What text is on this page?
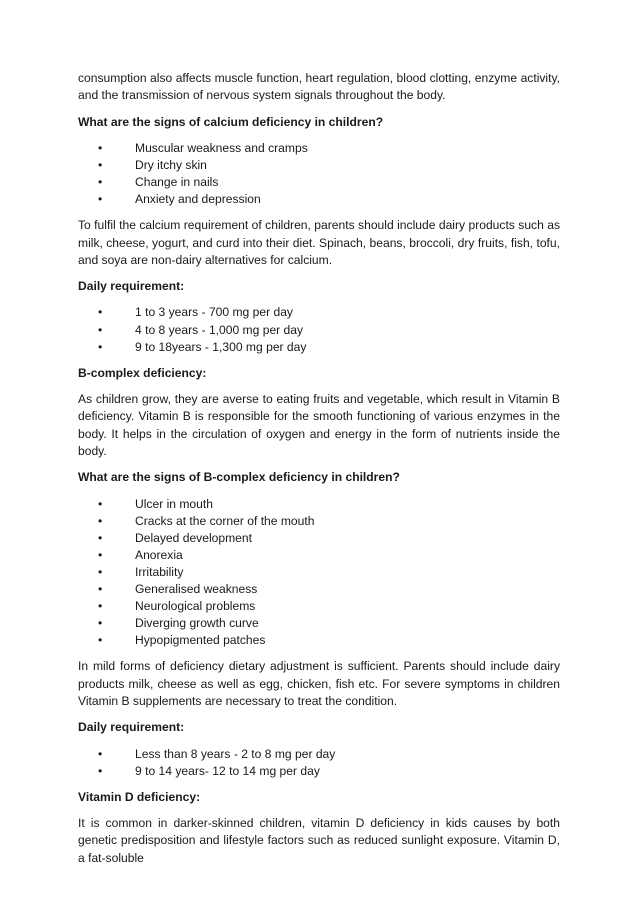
consumption also affects muscle function, heart regulation, blood clotting, enzyme activity, and the transmission of nervous system signals throughout the body.

What are the signs of calcium deficiency in children?
•	Muscular weakness and cramps
•	Dry itchy skin
•	Change in nails
•	Anxiety and depression

To fulfil the calcium requirement of children, parents should include dairy products such as milk, cheese, yogurt, and curd into their diet. Spinach, beans, broccoli, dry fruits, fish, tofu, and soya are non-dairy alternatives for calcium.

Daily requirement:
•	1 to 3 years - 700 mg per day
•	4 to 8 years - 1,000 mg per day
•	9 to 18years - 1,300 mg per day
B-complex deficiency:

As children grow, they are averse to eating fruits and vegetable, which result in Vitamin B deficiency. Vitamin B is responsible for the smooth functioning of various enzymes in the body. It helps in the circulation of oxygen and energy in the form of nutrients inside the body.

What are the signs of B-complex deficiency in children?
•	Ulcer in mouth
•	Cracks at the corner of the mouth
•	Delayed development
•	Anorexia
•	Irritability
•	Generalised weakness
•	Neurological problems
•	Diverging growth curve
•	Hypopigmented patches

In mild forms of deficiency dietary adjustment is sufficient. Parents should include dairy products milk, cheese as well as egg, chicken, fish etc. For severe symptoms in children Vitamin B supplements are necessary to treat the condition.

Daily requirement:
•	Less than 8 years - 2 to 8 mg per day
•	9 to 14 years- 12 to 14 mg per day
Vitamin D deficiency:

It is common in darker-skinned children, vitamin D deficiency in kids causes by both genetic predisposition and lifestyle factors such as reduced sunlight exposure. Vitamin D, a fat-soluble
